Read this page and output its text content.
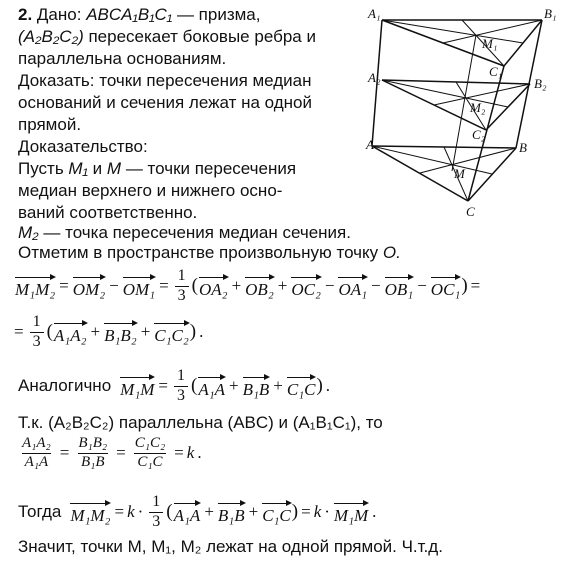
2. Дано: ABCA₁B₁C₁ — призма,
(A₂B₂C₂) пересекает боковые ребра и
параллельна основаниям.
Доказать: точки пересечения медиан
оснований и сечения лежат на одной
прямой.
Доказательство:
Пусть M₁ и M — точки пересечения
медиан верхнего и нижнего осно-
ваний соответственно.
M₂ — точка пересечения медиан сечения.
Отметим в пространстве произвольную точку O.
A₁	B₁
M₁
C₁
A₂	B₂
M₂
C₂
A	B
M
C
$M_1M_2 = OM_2 - OM_1 = \frac{1}{3}$ ( OA₂ + OB₂ + OC₂ − OA₁ − OB₁ − OC₁ ) =
= $\frac{1}{3}$ ( A₁A₂ + B₁B₂ + C₁C₂ ) .
Аналогично $M_1M = \frac{1}{3}$ ( A₁A + B₁B + C₁C ) .
Т.к. (A₂B₂C₂) параллельна (ABC) и (A₁B₁C₁), то
$\frac{\text{A₁A₂}}{\text{A₁A}} = \frac{\text{B₁B₂}}{\text{B₁B}} = \frac{\text{C₁C₂}}{\text{C₁C}} = k$ .
Тогда $M_1M_2 = k \cdot \frac{1}{3}$ ( A₁A + B₁B + C₁C ) = k · M₁M .
Значит, точки M, M₁, M₂ лежат на одной прямой. Ч.т.д.
